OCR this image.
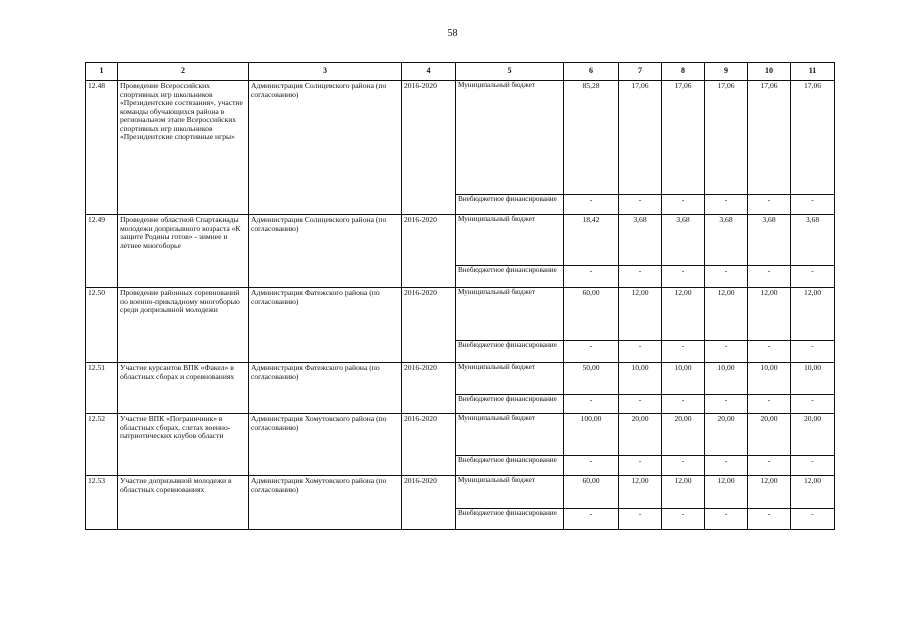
58
1	2	3	4	5	6	7	8	9	10	11
12.48	Проведение Всероссийских спортивных игр школьников «Президентские состязания», участие команды обучающихся района в региональном этапе Всероссийских спортивных игр школьников «Президентские спортивные игры»	Администрация Солнцевского района (по согласованию)	2016-2020	Муниципальный бюджет	85,28	17,06	17,06	17,06	17,06	17,06
				Внебюджетное финансирование	-	-	-	-	-	-
12.49	Проведение областной Спартакиады молодежи допризывного возраста «К защите Родины готов» - зимнее и летнее многоборье	Администрация Солнцевского района (по согласованию)	2016-2020	Муниципальный бюджет	18,42	3,68	3,68	3,68	3,68	3,68
				Внебюджетное финансирование	-	-	-	-	-	-
12.50	Проведение районных соревнований по военно-прикладному многоборью среди допризывной молодежи	Администрация Фатежского района (по согласованию)	2016-2020	Муниципальный бюджет	60,00	12,00	12,00	12,00	12,00	12,00
				Внебюджетное финансирование	-	-	-	-	-	-
12.51	Участие курсантов ВПК «Факел» в областных сборах и соревнованиях	Администрация Фатежского района (по согласованию)	2016-2020	Муниципальный бюджет	50,00	10,00	10,00	10,00	10,00	10,00
				Внебюджетное финансирование	-	-	-	-	-	-
12.52	Участие ВПК «Пограничник» в областных сборах, слетах военно-патриотических клубов области	Администрация Хомутовского района (по согласованию)	2016-2020	Муниципальный бюджет	100,00	20,00	20,00	20,00	20,00	20,00
				Внебюджетное финансирование	-	-	-	-	-	-
12.53	Участие допризывной молодежи в областных соревнованиях	Администрация Хомутовского района (по согласованию)	2016-2020	Муниципальный бюджет	60,00	12,00	12,00	12,00	12,00	12,00
				Внебюджетное финансирование	-	-	-	-	-	-
